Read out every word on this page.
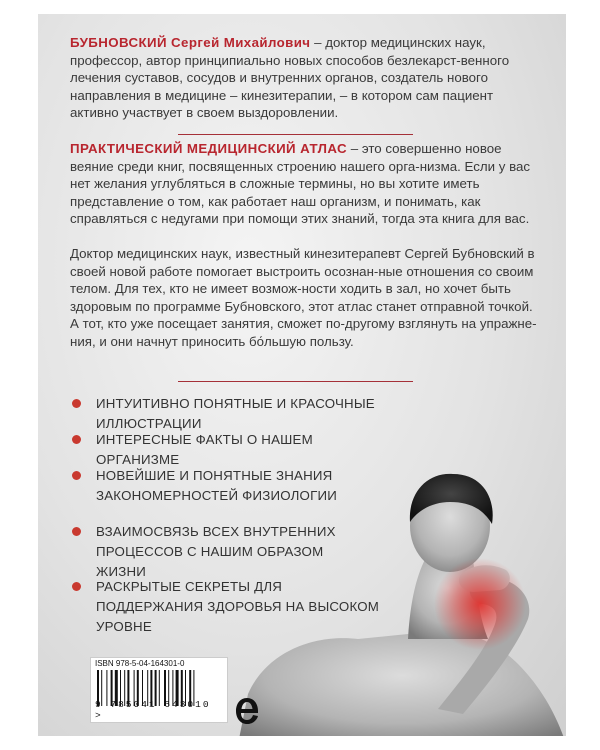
БУБНОВСКИЙ Сергей Михайлович – доктор медицинских наук, профессор, автор принципиально новых способов безлекарст-венного лечения суставов, сосудов и внутренних органов, создатель нового направления в медицине – кинезитерапии, – в котором сам пациент активно участвует в своем выздоровлении.

ПРАКТИЧЕСКИЙ МЕДИЦИНСКИЙ АТЛАС – это совершенно новое веяние среди книг, посвященных строению нашего орга-низма. Если у вас нет желания углубляться в сложные термины, но вы хотите иметь представление о том, как работает наш организм, и понимать, как справляться с недугами при помощи этих знаний, тогда эта книга для вас.

Доктор медицинских наук, известный кинезитерапевт Сергей Бубновский в своей новой работе помогает выстроить осознан-ные отношения со своим телом. Для тех, кто не имеет возмож-ности ходить в зал, но хочет быть здоровым по программе Бубновского, этот атлас станет отправной точкой. А тот, кто уже посещает занятия, сможет по-другому взглянуть на упражне-ния, и они начнут приносить бо́льшую пользу.

ИНТУИТИВНО ПОНЯТНЫЕ И КРАСОЧНЫЕ ИЛЛЮСТРАЦИИ
ИНТЕРЕСНЫЕ ФАКТЫ О НАШЕМ ОРГАНИЗМЕ
НОВЕЙШИЕ И ПОНЯТНЫЕ ЗНАНИЯ ЗАКОНОМЕРНОСТЕЙ ФИЗИОЛОГИИ
ВЗАИМОСВЯЗЬ ВСЕХ ВНУТРЕННИХ ПРОЦЕССОВ С НАШИМ ОБРАЗОМ ЖИЗНИ
РАСКРЫТЫЕ СЕКРЕТЫ ДЛЯ ПОДДЕРЖАНИЯ ЗДОРОВЬЯ НА ВЫСОКОМ УРОВНЕ
ISBN 978-5-04-164301-0
9 785041 643010 >
